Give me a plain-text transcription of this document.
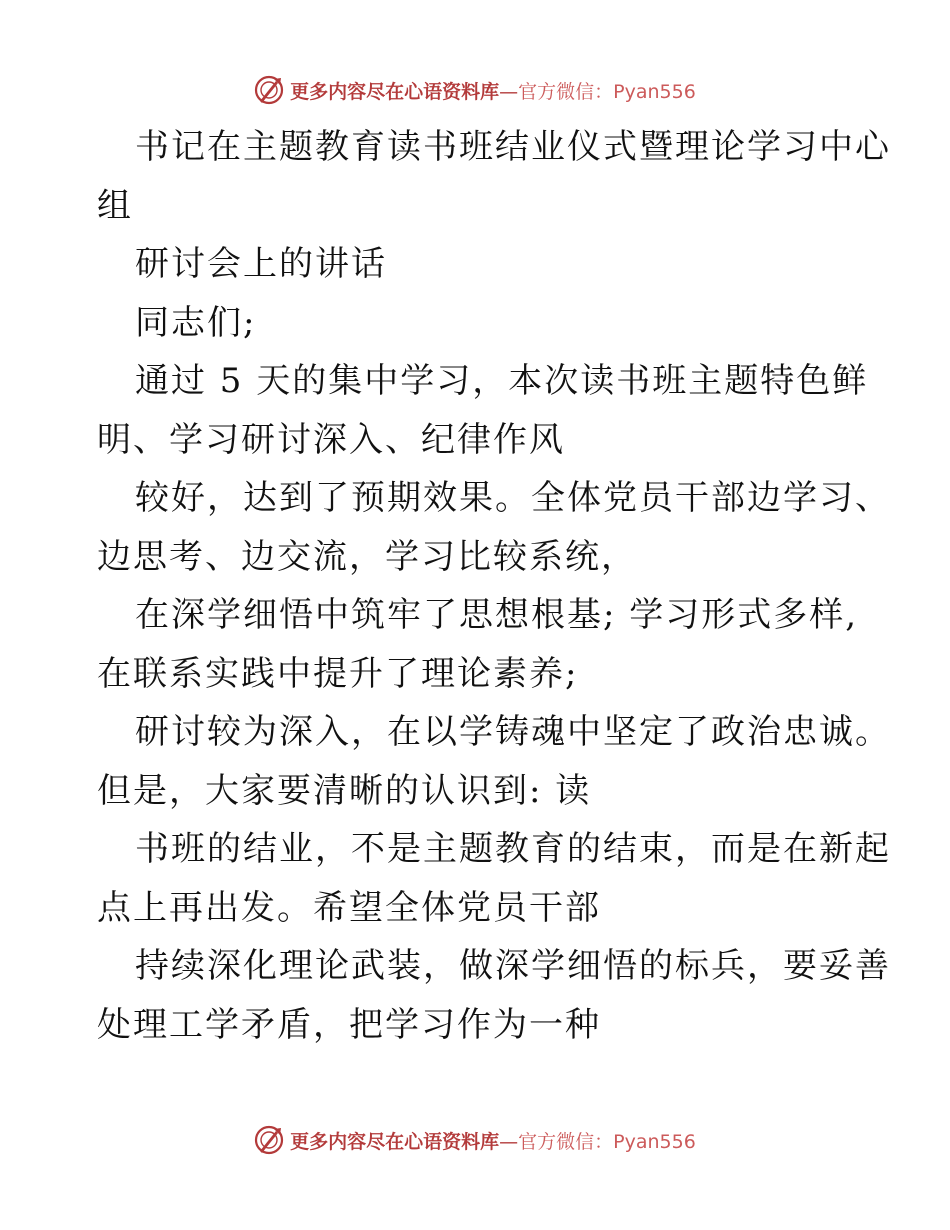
更多内容尽在心语资料库—官方微信：Pyan556
书记在主题教育读书班结业仪式暨理论学习中心
组
研讨会上的讲话
同志们;
通过 5 天的集中学习，本次读书班主题特色鲜
明、学习研讨深入、纪律作风
较好，达到了预期效果。全体党员干部边学习、
边思考、边交流，学习比较系统，
在深学细悟中筑牢了思想根基; 学习形式多样,
在联系实践中提升了理论素养;
研讨较为深入，在以学铸魂中坚定了政治忠诚。
但是，大家要清晰的认识到: 读
书班的结业，不是主题教育的结束，而是在新起
点上再出发。希望全体党员干部
持续深化理论武装，做深学细悟的标兵，要妥善
处理工学矛盾，把学习作为一种
更多内容尽在心语资料库—官方微信：Pyan556
